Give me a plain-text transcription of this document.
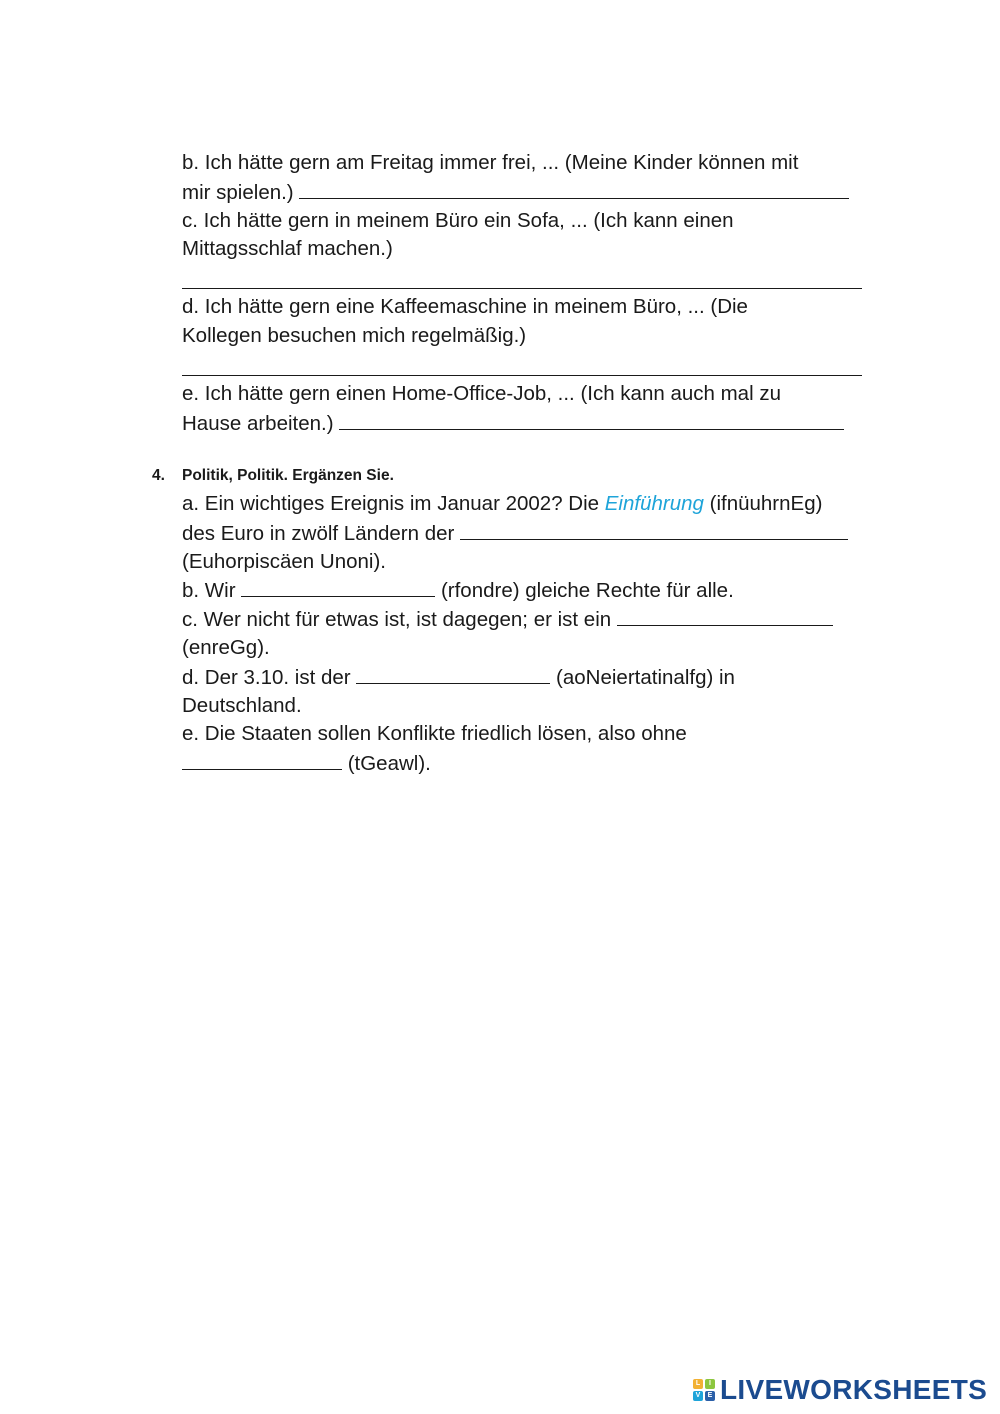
b. Ich hätte gern am Freitag immer frei, ... (Meine Kinder können mit
mir spielen.)
c. Ich hätte gern in meinem Büro ein Sofa, ... (Ich kann einen
Mittagsschlaf machen.)
d. Ich hätte gern eine Kaffeemaschine in meinem Büro, ... (Die
Kollegen besuchen mich regelmäßig.)
e. Ich hätte gern einen Home-Office-Job, ... (Ich kann auch mal zu
Hause arbeiten.)
4. Politik, Politik. Ergänzen Sie.
a. Ein wichtiges Ereignis im Januar 2002? Die Einführung (ifnüuhrnEg)
des Euro in zwölf Ländern der
(Euhorpiscäen Unoni).
b. Wir	(rfondre) gleiche Rechte für alle.
c. Wer nicht für etwas ist, ist dagegen; er ist ein
(enreGg).
d. Der 3.10. ist der	(aoNeiertatinalfg) in
Deutschland.
e. Die Staaten sollen Konflikte friedlich lösen, also ohne
(tGeawl).
L	I
V	E LIVEWORKSHEETS
